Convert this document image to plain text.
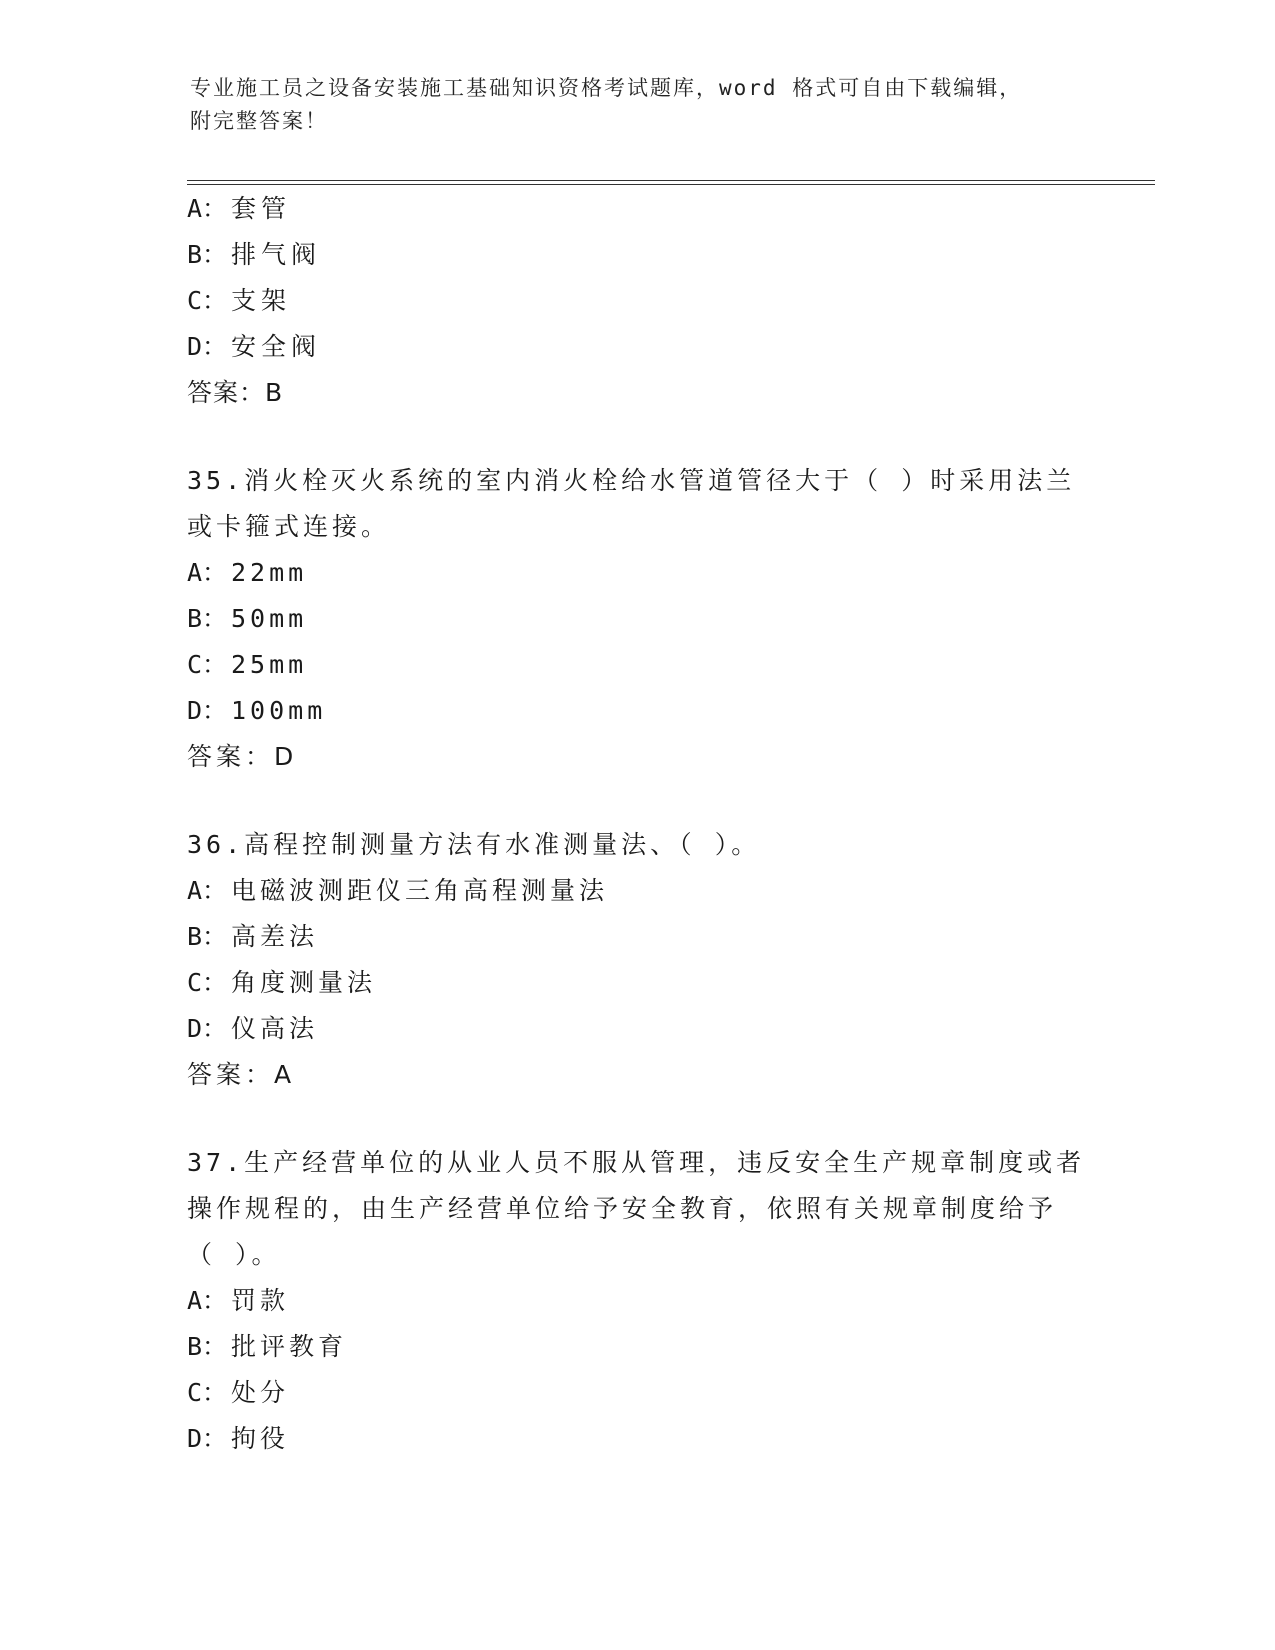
专业施工员之设备安装施工基础知识资格考试题库，word 格式可自由下载编辑，
附完整答案！
A： 套管
B： 排气阀
C： 支架
D： 安全阀
答案：B
35.消火栓灭火系统的室内消火栓给水管道管径大于（ ）时采用法兰
或卡箍式连接。
A： 22mm
B： 50mm
C： 25mm
D： 100mm
答案：D
36.高程控制测量方法有水准测量法、（ ）。
A： 电磁波测距仪三角高程测量法
B： 高差法
C： 角度测量法
D： 仪高法
答案：A
37.生产经营单位的从业人员不服从管理，违反安全生产规章制度或者
操作规程的，由生产经营单位给予安全教育，依照有关规章制度给予
（ ）。
A： 罚款
B： 批评教育
C： 处分
D： 拘役
